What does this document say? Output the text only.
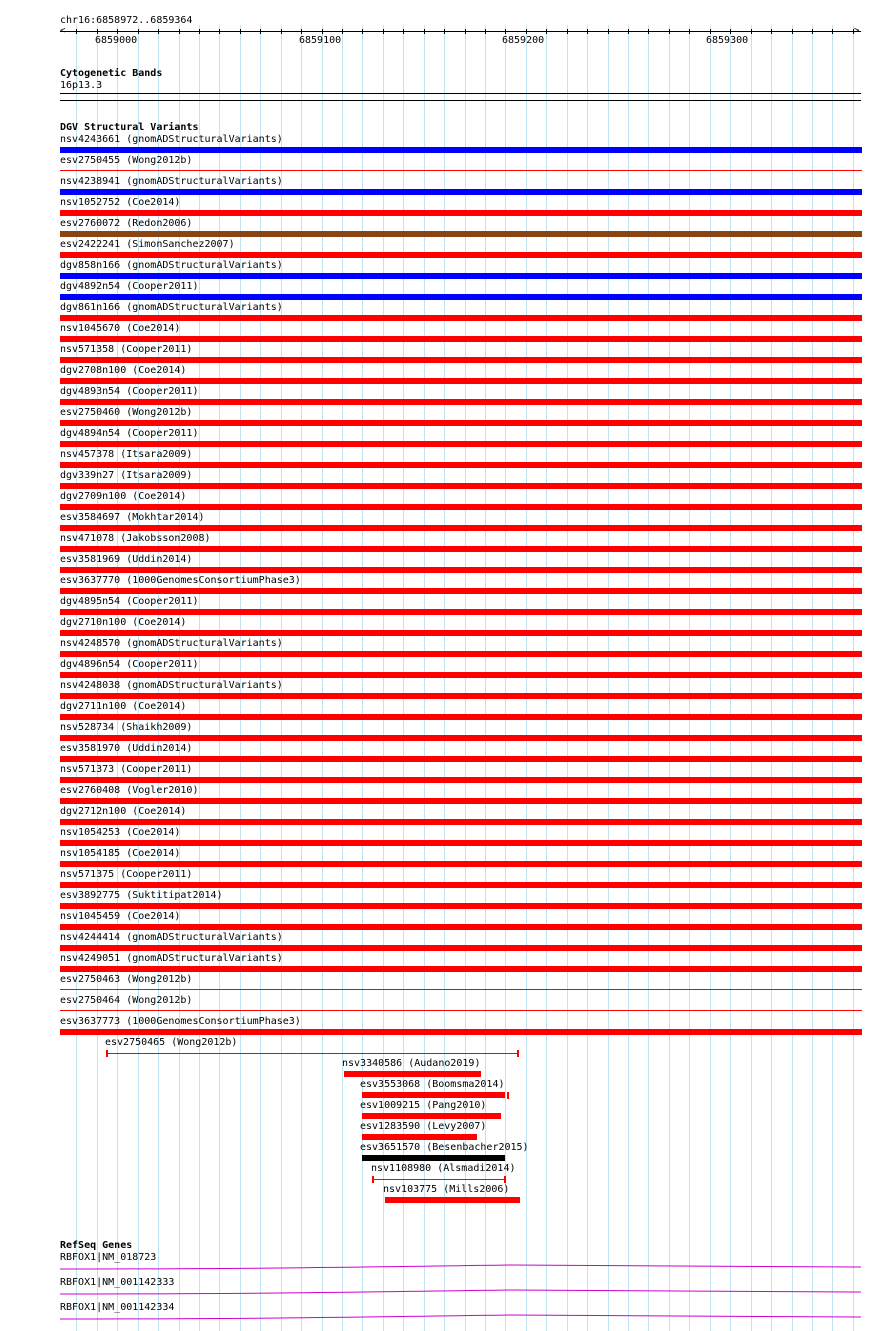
chr16:6858972..6859364
<	>
6859000	6859100	6859200	6859300
Cytogenetic Bands
16p13.3
DGV Structural Variants
nsv4243661 (gnomADStructuralVariants)
esv2750455 (Wong2012b)
nsv4238941 (gnomADStructuralVariants)
nsv1052752 (Coe2014)
esv2760072 (Redon2006)
esv2422241 (SimonSanchez2007)
dgv858n166 (gnomADStructuralVariants)
dgv4892n54 (Cooper2011)
dgv861n166 (gnomADStructuralVariants)
nsv1045670 (Coe2014)
nsv571358 (Cooper2011)
dgv2708n100 (Coe2014)
dgv4893n54 (Cooper2011)
esv2750460 (Wong2012b)
dgv4894n54 (Cooper2011)
nsv457378 (Itsara2009)
dgv339n27 (Itsara2009)
dgv2709n100 (Coe2014)
esv3584697 (Mokhtar2014)
nsv471078 (Jakobsson2008)
esv3581969 (Uddin2014)
esv3637770 (1000GenomesConsortiumPhase3)
dgv4895n54 (Cooper2011)
dgv2710n100 (Coe2014)
nsv4248570 (gnomADStructuralVariants)
dgv4896n54 (Cooper2011)
nsv4248038 (gnomADStructuralVariants)
dgv2711n100 (Coe2014)
nsv528734 (Shaikh2009)
esv3581970 (Uddin2014)
nsv571373 (Cooper2011)
esv2760408 (Vogler2010)
dgv2712n100 (Coe2014)
nsv1054253 (Coe2014)
nsv1054185 (Coe2014)
nsv571375 (Cooper2011)
esv3892775 (Suktitipat2014)
nsv1045459 (Coe2014)
nsv4244414 (gnomADStructuralVariants)
nsv4249051 (gnomADStructuralVariants)
esv2750463 (Wong2012b)
esv2750464 (Wong2012b)
esv3637773 (1000GenomesConsortiumPhase3)
esv2750465 (Wong2012b)
nsv3340586 (Audano2019)
esv3553068 (Boomsma2014)
esv1009215 (Pang2010)
esv1283590 (Levy2007)
esv3651570 (Besenbacher2015)
nsv1108980 (Alsmadi2014)
nsv103775 (Mills2006)
RefSeq Genes
RBFOX1|NM_018723
RBFOX1|NM_001142333
RBFOX1|NM_001142334
